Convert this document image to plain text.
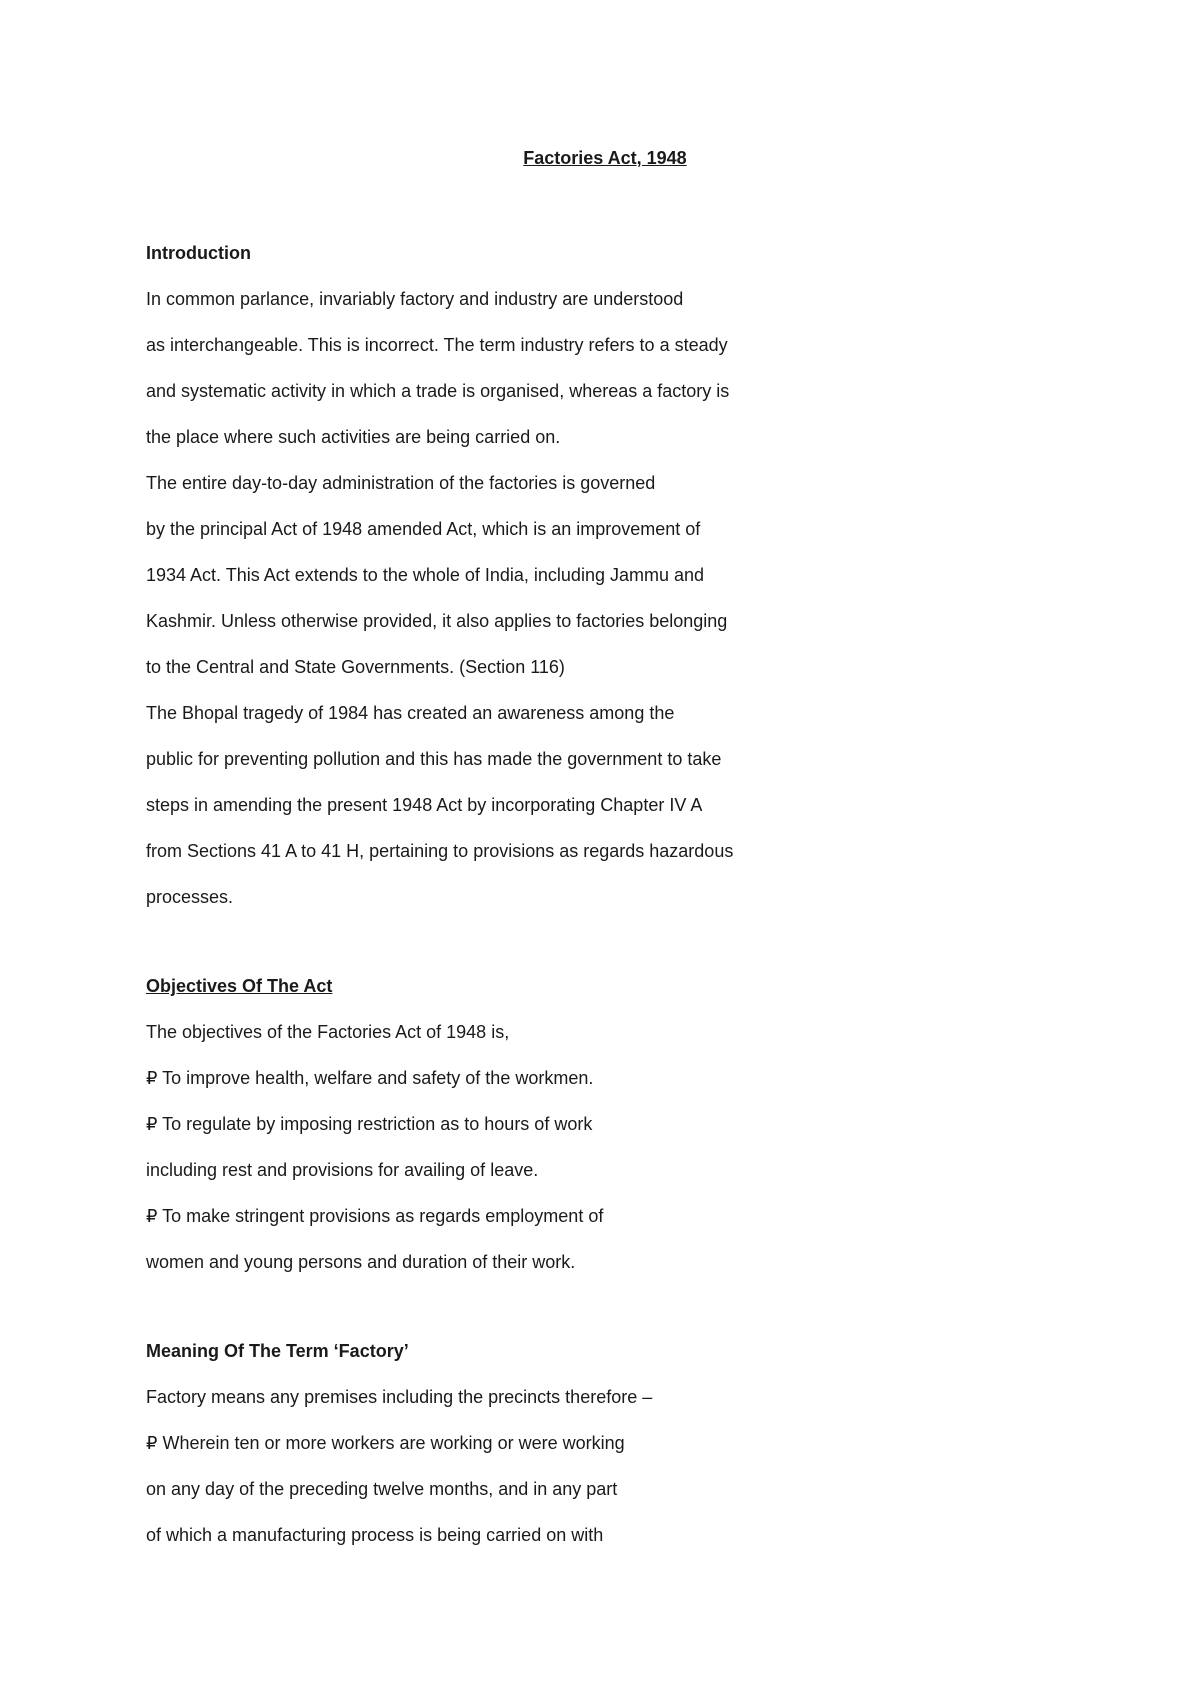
Factories Act, 1948
Introduction
In common parlance, invariably factory and industry are understood
as interchangeable. This is incorrect. The term industry refers to a steady
and systematic activity in which a trade is organised, whereas a factory is
the place where such activities are being carried on.
The entire day-to-day administration of the factories is governed
by the principal Act of 1948 amended Act, which is an improvement of
1934 Act. This Act extends to the whole of India, including Jammu and
Kashmir. Unless otherwise provided, it also applies to factories belonging
to the Central and State Governments. (Section 116)
The Bhopal tragedy of 1984 has created an awareness among the
public for preventing pollution and this has made the government to take
steps in amending the present 1948 Act by incorporating Chapter IV A
from Sections 41 A to 41 H, pertaining to provisions as regards hazardous
processes.
Objectives Of The Act
The objectives of the Factories Act of 1948 is,
₽ To improve health, welfare and safety of the workmen.
₽ To regulate by imposing restriction as to hours of work
including rest and provisions for availing of leave.
₽ To make stringent provisions as regards employment of
women and young persons and duration of their work.
Meaning Of The Term ‘Factory’
Factory means any premises including the precincts therefore –
₽ Wherein ten or more workers are working or were working
on any day of the preceding twelve months, and in any part
of which a manufacturing process is being carried on with
